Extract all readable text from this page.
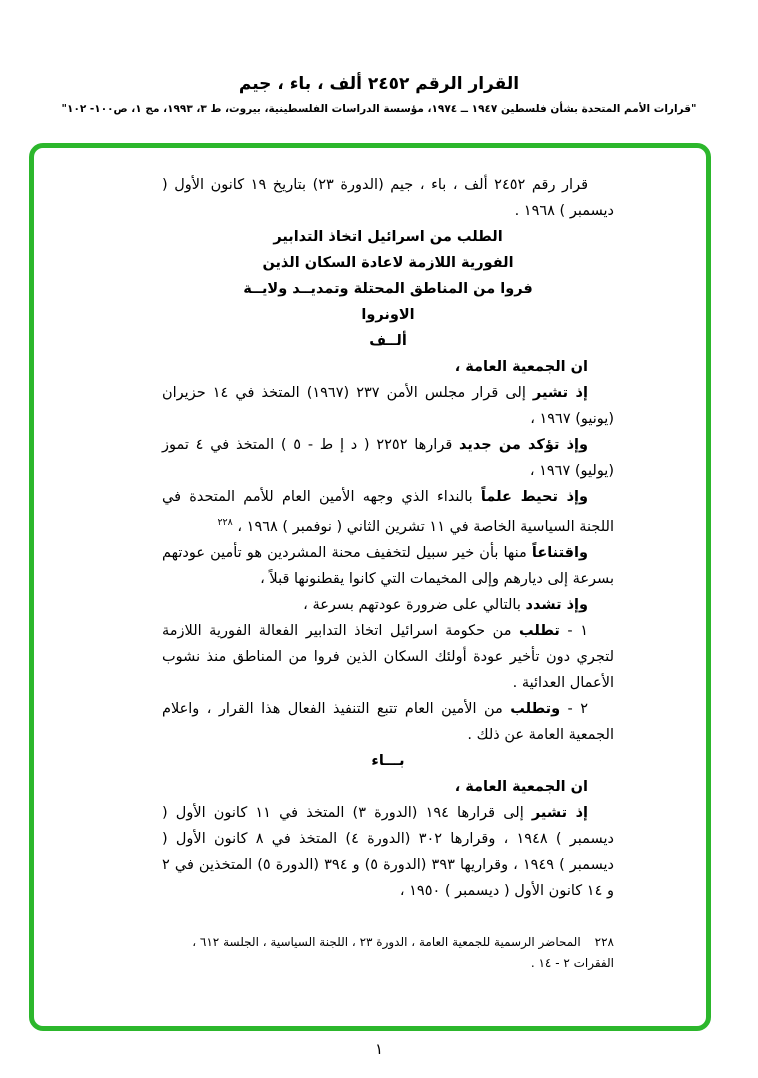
القرار الرقم ٢٤٥٢ ألف ، باء ، جيم
"قرارات الأمم المتحدة بشأن فلسطين ١٩٤٧ ــ ١٩٧٤، مؤسسة الدراسات الفلسطينية، بيروت، ط ٣، ١٩٩٣، مج ١، ص١٠٠- ١٠٢"

قرار رقم ٢٤٥٢ ألف ، باء ، جيم (الدورة ٢٣) بتاريخ ١٩ كانون الأول ( ديسمبر ) ١٩٦٨ .

الطلب من اسرائيل اتخاذ التدابير
الفورية اللازمة لاعادة السكان الذين
فروا من المناطق المحتلة وتمديــد ولايــة
الاونروا
ألــف

ان الجمعية العامة ،

إذ تشير إلى قرار مجلس الأمن ٢٣٧ (١٩٦٧) المتخذ في ١٤ حزيران (يونيو) ١٩٦٧ ،

وإذ تؤكد من جديد قرارها ٢٢٥٢ ( د إ ط - ٥ ) المتخذ في ٤ تموز (يوليو) ١٩٦٧ ،

وإذ تحيط علماً بالنداء الذي وجهه الأمين العام للأمم المتحدة في اللجنة السياسية الخاصة في ١١ تشرين الثاني ( نوفمبر ) ١٩٦٨ ، $^{٢٢٨}$

واقتناعاً منها بأن خير سبيل لتخفيف محنة المشردين هو تأمين عودتهم بسرعة إلى ديارهم وإلى المخيمات التي كانوا يقطنونها قبلاً ،

وإذ تشدد بالتالي على ضرورة عودتهم بسرعة ،

١ - تطلب من حكومة اسرائيل اتخاذ التدابير الفعالة الفورية اللازمة لتجري دون تأخير عودة أولئك السكان الذين فروا من المناطق منذ نشوب الأعمال العدائية .

٢ - وتطلب من الأمين العام تتبع التنفيذ الفعال هذا القرار ، واعلام الجمعية العامة عن ذلك .

بـــاء

ان الجمعية العامة ،

إذ تشير إلى قرارها ١٩٤ (الدورة ٣) المتخذ في ١١ كانون الأول ( ديسمبر ) ١٩٤٨ ، وقرارها ٣٠٢ (الدورة ٤) المتخذ في ٨ كانون الأول ( ديسمبر ) ١٩٤٩ ، وقراريها ٣٩٣ (الدورة ٥) و ٣٩٤ (الدورة ٥) المتخذين في ٢ و ١٤ كانون الأول ( ديسمبر ) ١٩٥٠ ،

٢٢٨المحاضر الرسمية للجمعية العامة ، الدورة ٢٣ ، اللجنة السياسية ، الجلسة ٦١٢ ، الفقرات ٢ - ١٤ .
١
